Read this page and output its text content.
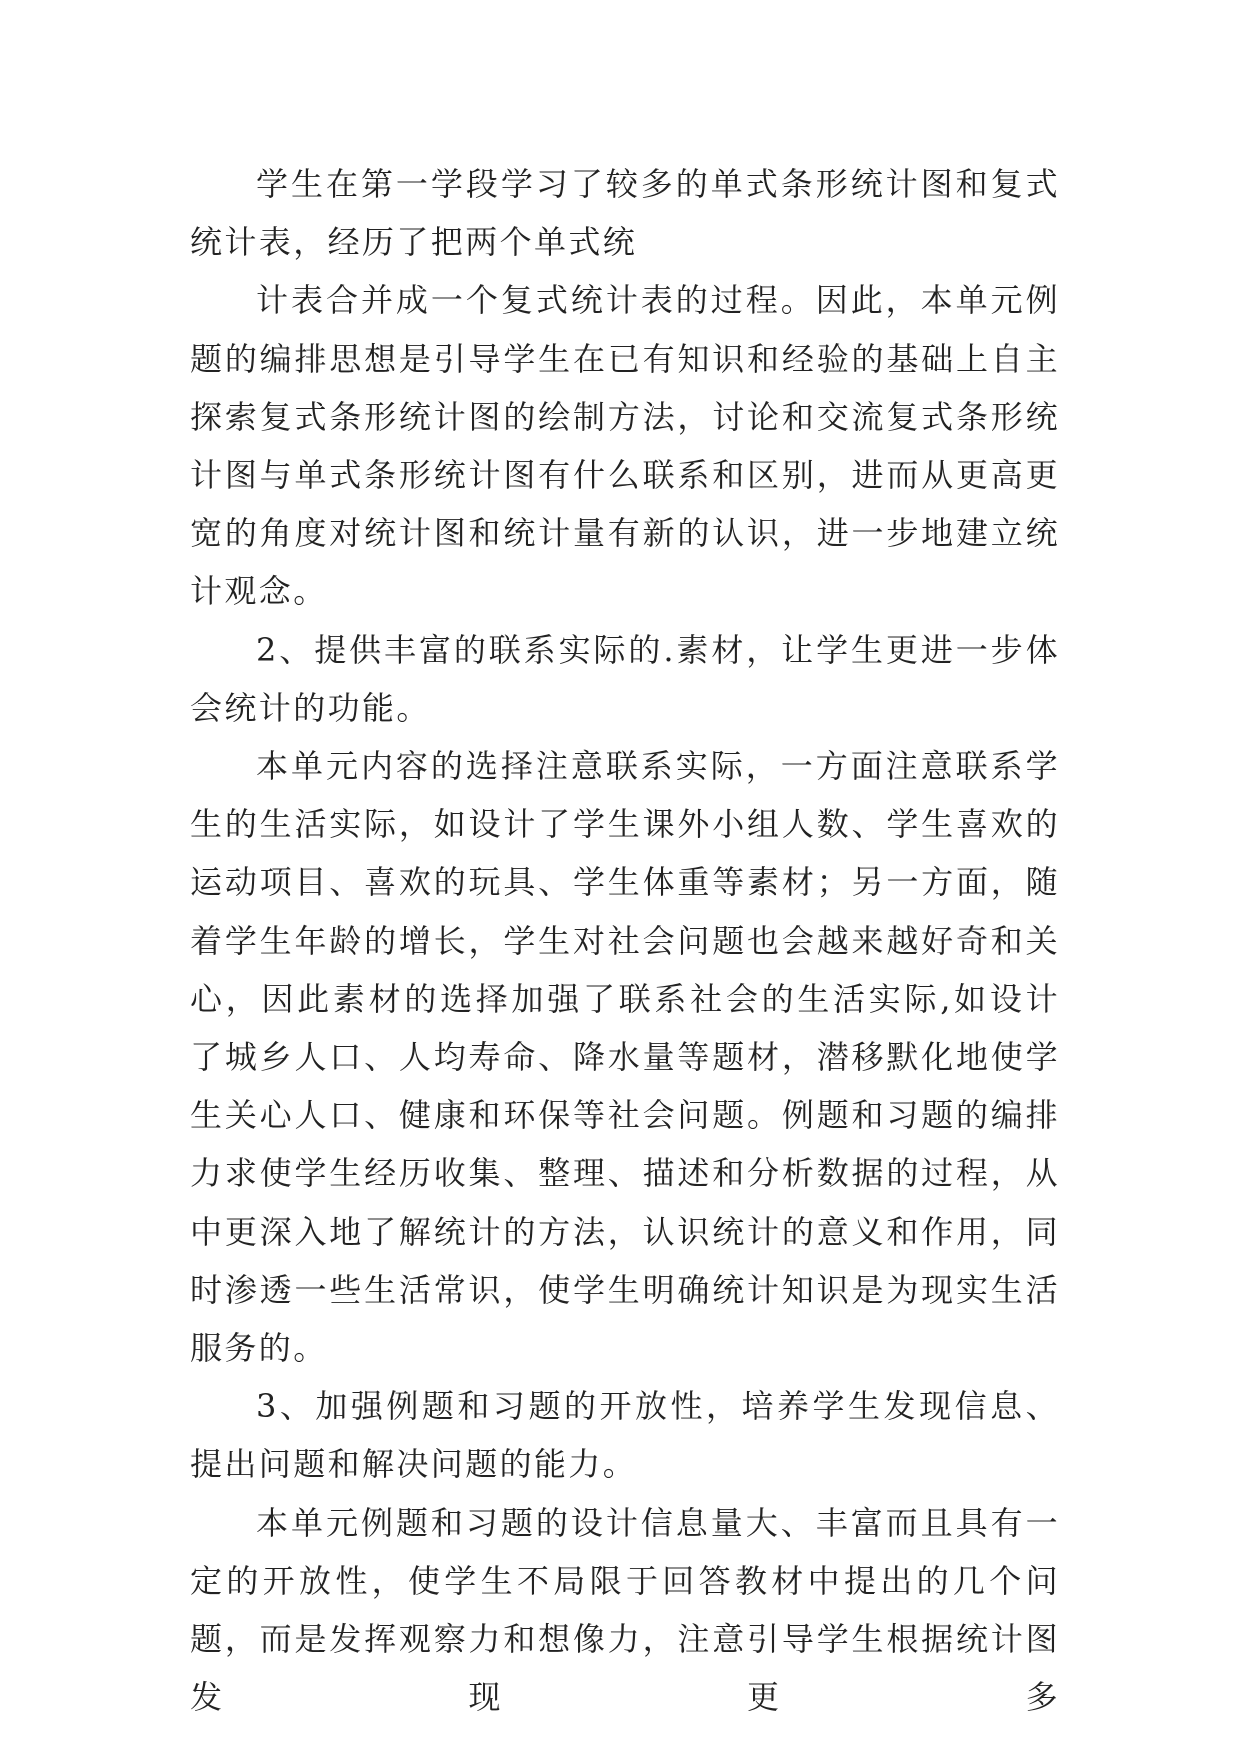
学生在第一学段学习了较多的单式条形统计图和复式统计表，经历了把两个单式统

计表合并成一个复式统计表的过程。因此，本单元例题的编排思想是引导学生在已有知识和经验的基础上自主探索复式条形统计图的绘制方法，讨论和交流复式条形统计图与单式条形统计图有什么联系和区别，进而从更高更宽的角度对统计图和统计量有新的认识，进一步地建立统计观念。

2、提供丰富的联系实际的.素材，让学生更进一步体会统计的功能。

本单元内容的选择注意联系实际，一方面注意联系学生的生活实际，如设计了学生课外小组人数、学生喜欢的运动项目、喜欢的玩具、学生体重等素材；另一方面，随着学生年龄的增长，学生对社会问题也会越来越好奇和关心，因此素材的选择加强了联系社会的生活实际,如设计了城乡人口、人均寿命、降水量等题材，潜移默化地使学生关心人口、健康和环保等社会问题。例题和习题的编排力求使学生经历收集、整理、描述和分析数据的过程，从中更深入地了解统计的方法，认识统计的意义和作用，同时渗透一些生活常识，使学生明确统计知识是为现实生活服务的。

3、加强例题和习题的开放性，培养学生发现信息、提出问题和解决问题的能力。

本单元例题和习题的设计信息量大、丰富而且具有一定的开放性，使学生不局限于回答教材中提出的几个问题，而是发挥观察力和想像力，注意引导学生根据统计图发现更多
